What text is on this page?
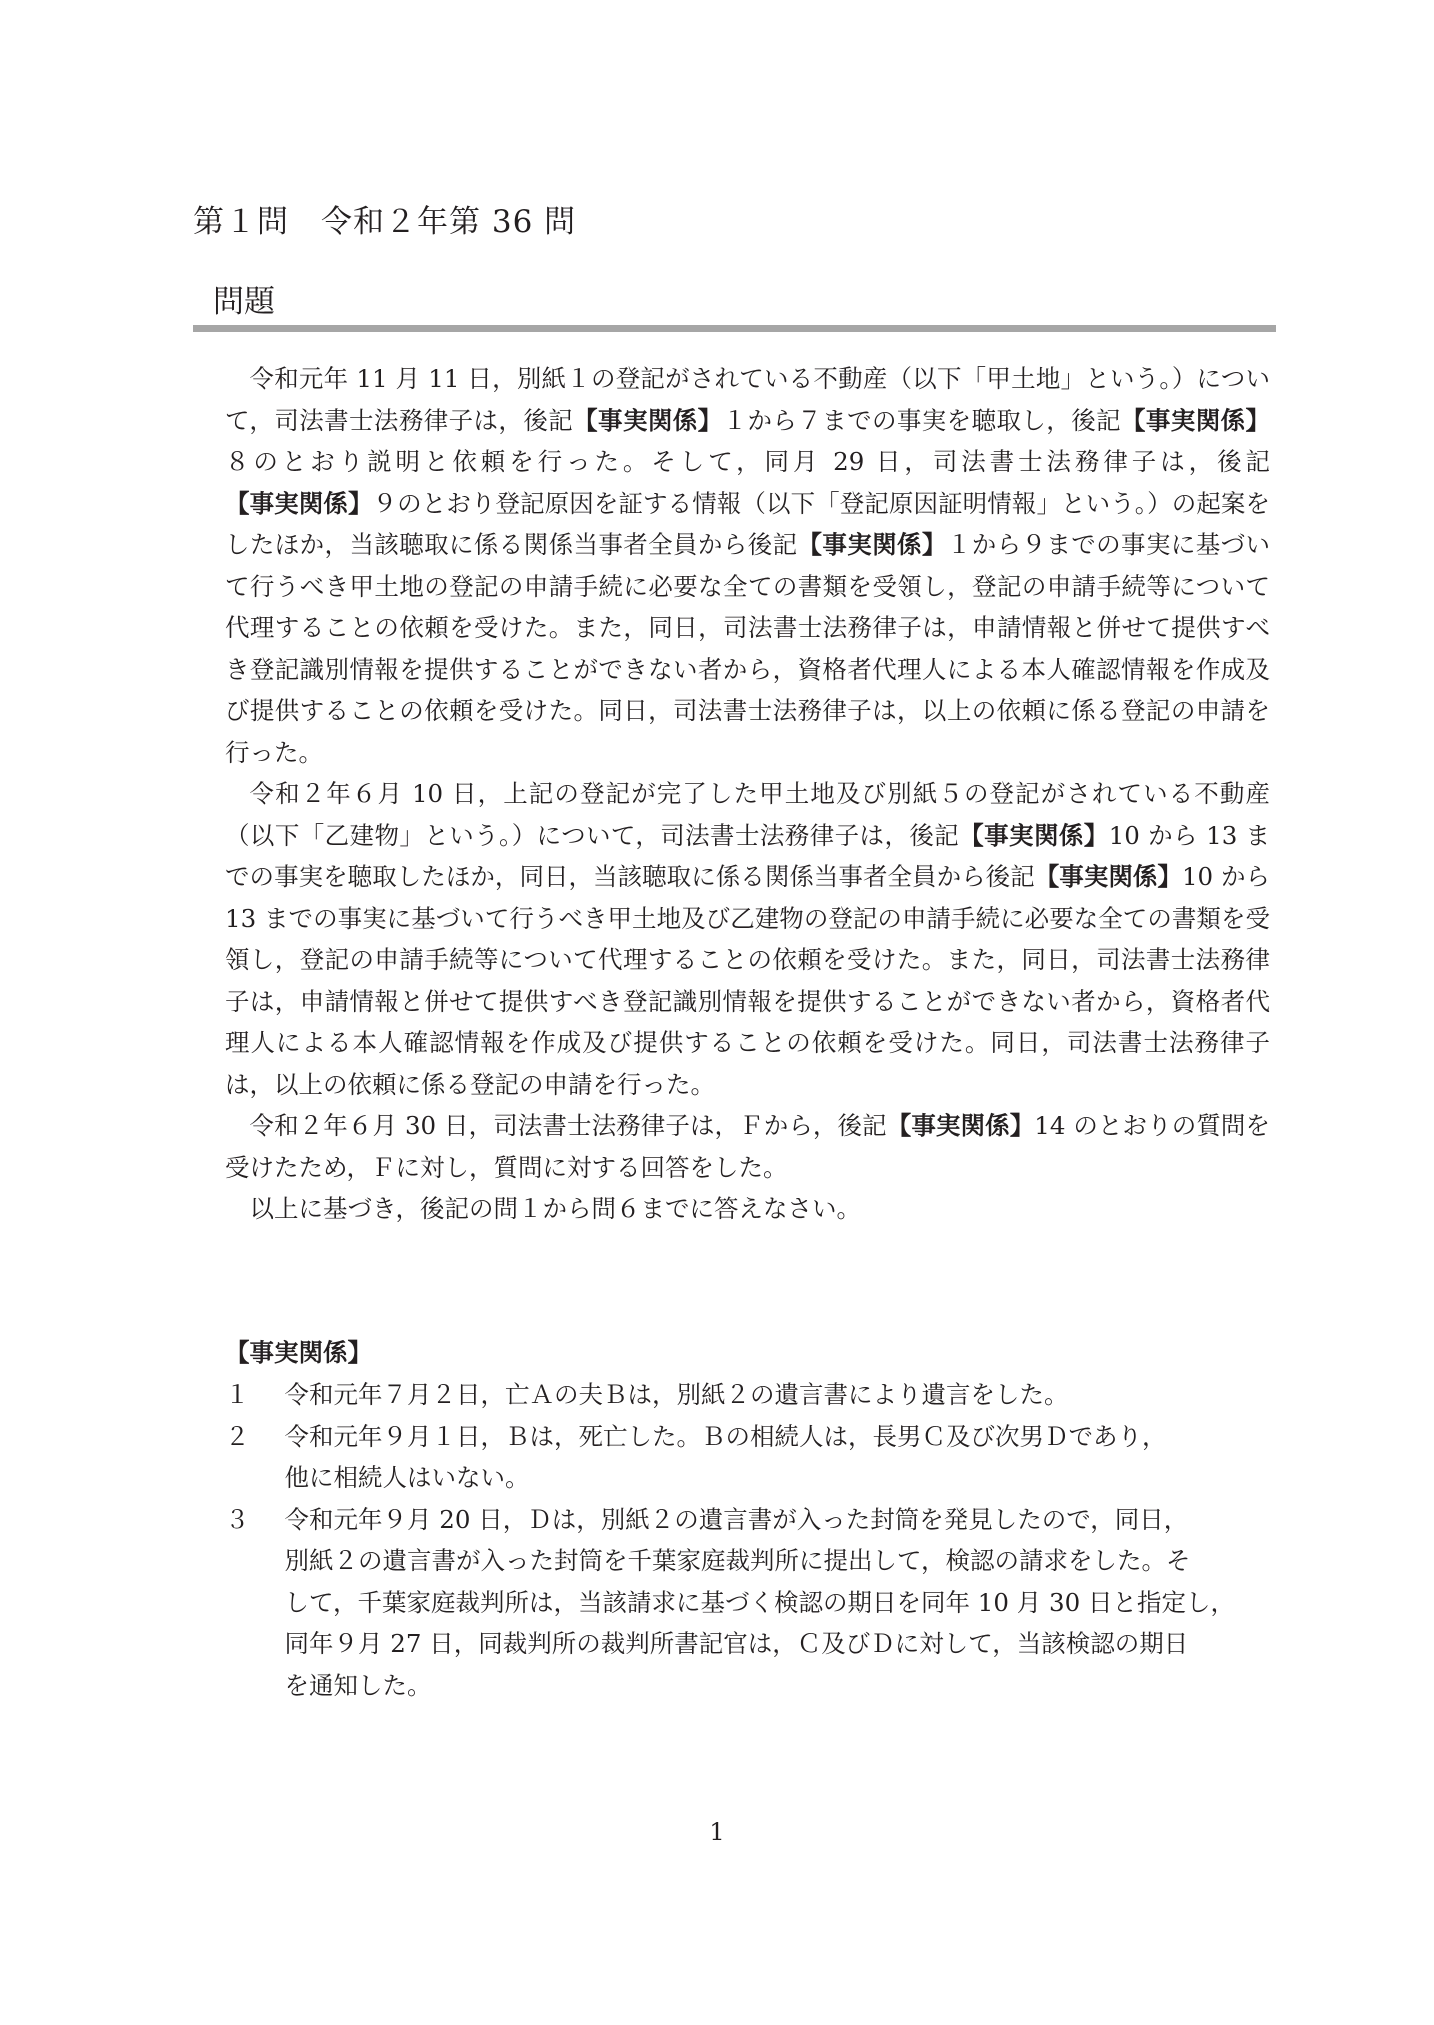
第１問　令和２年第 36 問
問題

令和元年 11 月 11 日，別紙１の登記がされている不動産（以下「甲土地」という。）について，司法書士法務律子は，後記【事実関係】１から７までの事実を聴取し，後記【事実関係】８のとおり説明と依頼を行った。そして，同月 29 日，司法書士法務律子は，後記【事実関係】９のとおり登記原因を証する情報（以下「登記原因証明情報」という。）の起案をしたほか，当該聴取に係る関係当事者全員から後記【事実関係】１から９までの事実に基づいて行うべき甲土地の登記の申請手続に必要な全ての書類を受領し，登記の申請手続等について代理することの依頼を受けた。また，同日，司法書士法務律子は，申請情報と併せて提供すべき登記識別情報を提供することができない者から，資格者代理人による本人確認情報を作成及び提供することの依頼を受けた。同日，司法書士法務律子は，以上の依頼に係る登記の申請を行った。

令和２年６月 10 日，上記の登記が完了した甲土地及び別紙５の登記がされている不動産（以下「乙建物」という。）について，司法書士法務律子は，後記【事実関係】10 から 13 までの事実を聴取したほか，同日，当該聴取に係る関係当事者全員から後記【事実関係】10 から 13 までの事実に基づいて行うべき甲土地及び乙建物の登記の申請手続に必要な全ての書類を受領し，登記の申請手続等について代理することの依頼を受けた。また，同日，司法書士法務律子は，申請情報と併せて提供すべき登記識別情報を提供することができない者から，資格者代理人による本人確認情報を作成及び提供することの依頼を受けた。同日，司法書士法務律子は，以上の依頼に係る登記の申請を行った。

令和２年６月 30 日，司法書士法務律子は，Ｆから，後記【事実関係】14 のとおりの質問を受けたため，Ｆに対し，質問に対する回答をした。

以上に基づき，後記の問１から問６までに答えなさい。

【事実関係】
１	令和元年７月２日，亡Ａの夫Ｂは，別紙２の遺言書により遺言をした。
２	令和元年９月１日，Ｂは，死亡した。Ｂの相続人は，長男Ｃ及び次男Ｄであり，
他に相続人はいない。
３	令和元年９月 20 日，Ｄは，別紙２の遺言書が入った封筒を発見したので，同日，
別紙２の遺言書が入った封筒を千葉家庭裁判所に提出して，検認の請求をした。そ
して，千葉家庭裁判所は，当該請求に基づく検認の期日を同年 10 月 30 日と指定し，
同年９月 27 日，同裁判所の裁判所書記官は，Ｃ及びＤに対して，当該検認の期日
を通知した。
1
